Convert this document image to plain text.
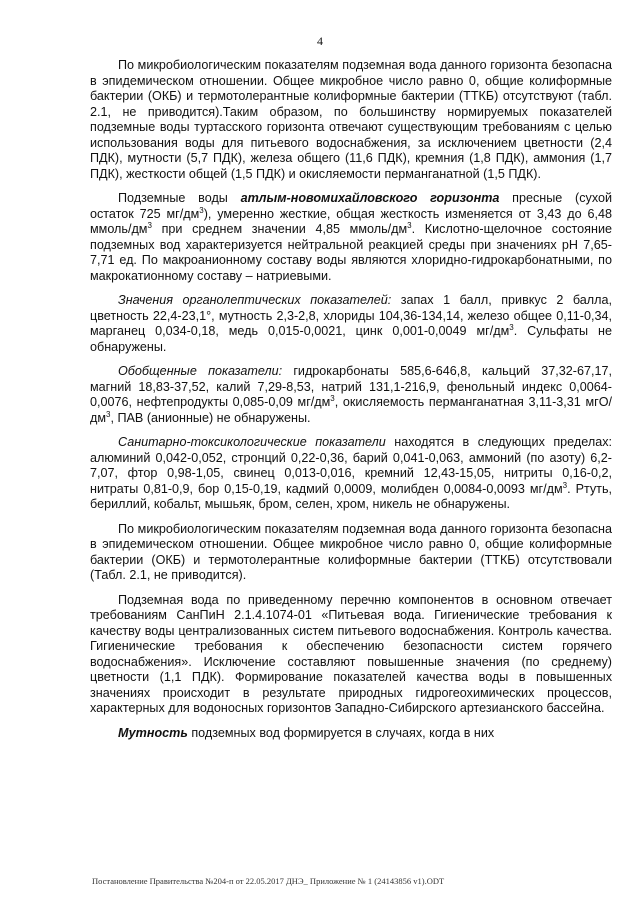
4

По микробиологическим показателям подземная вода данного горизонта безопасна в эпидемическом отношении. Общее микробное число равно 0, общие колиформные бактерии (ОКБ) и термотолерантные колиформные бактерии (ТТКБ) отсутствуют (табл. 2.1, не приводится).Таким образом, по большинству нормируемых показателей подземные воды туртасского горизонта отвечают существующим требованиям с целью использования воды для питьевого водоснабжения, за исключением цветности (2,4 ПДК), мутности (5,7 ПДК), железа общего (11,6 ПДК), кремния (1,8 ПДК), аммония (1,7 ПДК), жесткости общей (1,5 ПДК) и окисляемости перманганатной (1,5 ПДК).

Подземные воды атлым-новомихайловского горизонта пресные (сухой остаток 725 $мг/дм^3$), умеренно жесткие, общая жесткость изменяется от 3,43 до 6,48 ммоль/$дм^3$ при среднем значении 4,85 ммоль/$дм^3$. Кислотно-щелочное состояние подземных вод характеризуется нейтральной реакцией среды при значениях рН 7,65-7,71 ед. По макроанионному составу воды являются хлоридно-гидрокарбонатными, по макрокатионному составу – натриевыми.

Значения органолептических показателей: запах 1 балл, привкус 2 балла, цветность 22,4-23,1°, мутность 2,3-2,8, хлориды 104,36-134,14, железо общее 0,11-0,34, марганец 0,034-0,18, медь 0,015-0,0021, цинк 0,001-0,0049 $мг/дм^3$. Сульфаты не обнаружены.

Обобщенные показатели: гидрокарбонаты 585,6-646,8, кальций 37,32-67,17, магний 18,83-37,52, калий 7,29-8,53, натрий 131,1-216,9, фенольный индекс 0,0064-0,0076, нефтепродукты 0,085-0,09 $мг/дм^3$, окисляемость перманганатная 3,11-3,31 мгО/$дм^3$, ПАВ (анионные) не обнаружены.

Санитарно-токсикологические показатели находятся в следующих пределах: алюминий 0,042-0,052, стронций 0,22-0,36, барий 0,041-0,063, аммоний (по азоту) 6,2-7,07, фтор 0,98-1,05, свинец 0,013-0,016, кремний 12,43-15,05, нитриты 0,16-0,2, нитраты 0,81-0,9, бор 0,15-0,19, кадмий 0,0009, молибден 0,0084-0,0093 $мг/дм^3$. Ртуть, бериллий, кобальт, мышьяк, бром, селен, хром, никель не обнаружены.

По микробиологическим показателям подземная вода данного горизонта безопасна в эпидемическом отношении. Общее микробное число равно 0, общие колиформные бактерии (ОКБ) и термотолерантные колиформные бактерии (ТТКБ) отсутствовали (Табл. 2.1, не приводится).

Подземная вода по приведенному перечню компонентов в основном отвечает требованиям СанПиН 2.1.4.1074-01 «Питьевая вода. Гигиенические требования к качеству воды централизованных систем питьевого водоснабжения. Контроль качества. Гигиенические требования к обеспечению безопасности систем горячего водоснабжения». Исключение составляют повышенные значения (по среднему) цветности (1,1 ПДК). Формирование показателей качества воды в повышенных значениях происходит в результате природных гидрогеохимических процессов, характерных для водоносных горизонтов Западно-Сибирского артезианского бассейна.

Мутность подземных вод формируется в случаях, когда в них

Постановление Правительства №204-п от 22.05.2017 ДНЭ_ Приложение № 1 (24143856 v1).ODT
